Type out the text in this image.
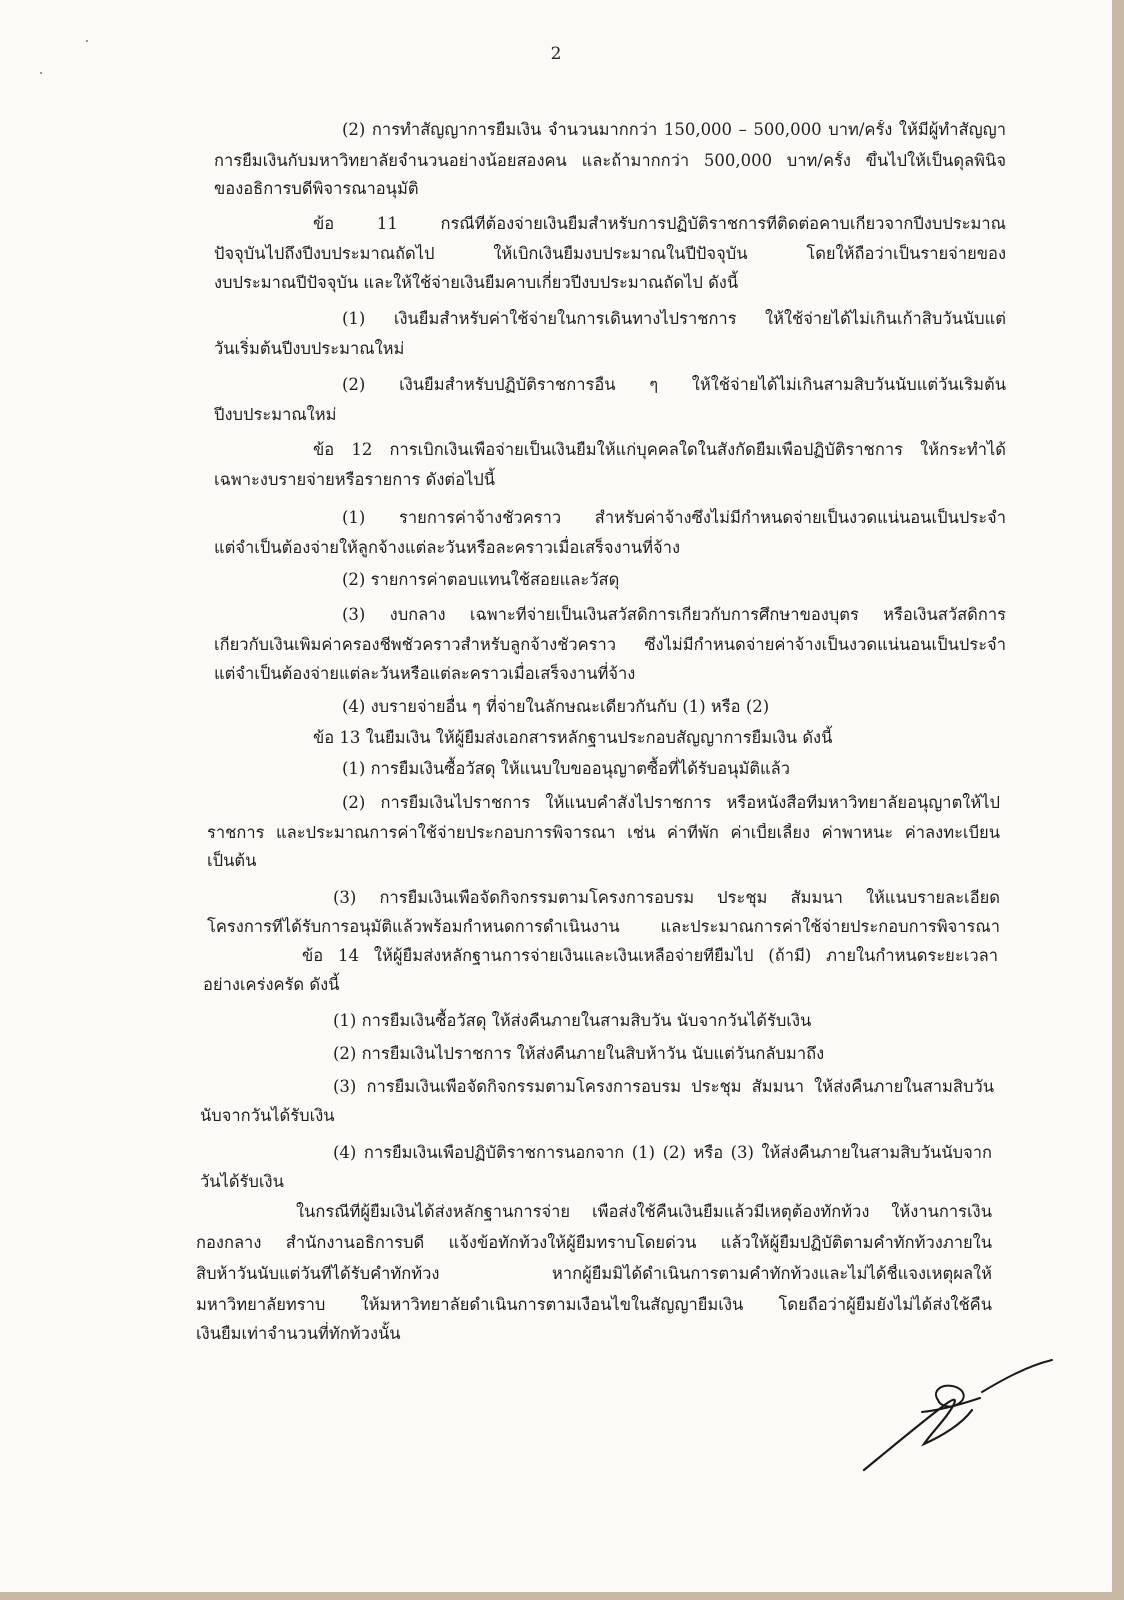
2
(2) การทำสัญญาการยืมเงิน จำนวนมากกว่า 150,000 – 500,000 บาท/ครั้ง ให้มีผู้ทำสัญญา
การยืมเงินกับมหาวิทยาลัยจำนวนอย่างน้อยสองคน และถ้ามากกว่า 500,000 บาท/ครั้ง ขึ้นไปให้เป็นดุลพินิจ
ของอธิการบดีพิจารณาอนุมัติ
ข้อ 11 กรณีที่ต้องจ่ายเงินยืมสำหรับการปฏิบัติราชการที่ติดต่อคาบเกี่ยวจากปีงบประมาณ
ปัจจุบันไปถึงปีงบประมาณถัดไป ให้เบิกเงินยืมงบประมาณในปีปัจจุบัน โดยให้ถือว่าเป็นรายจ่ายของ
งบประมาณปีปัจจุบัน และให้ใช้จ่ายเงินยืมคาบเกี่ยวปีงบประมาณถัดไป ดังนี้
(1) เงินยืมสำหรับค่าใช้จ่ายในการเดินทางไปราชการ ให้ใช้จ่ายได้ไม่เกินเก้าสิบวันนับแต่
วันเริ่มต้นปีงบประมาณใหม่
(2) เงินยืมสำหรับปฏิบัติราชการอื่น ๆ ให้ใช้จ่ายได้ไม่เกินสามสิบวันนับแต่วันเริ่มต้น
ปีงบประมาณใหม่
ข้อ 12 การเบิกเงินเพื่อจ่ายเป็นเงินยืมให้แก่บุคคลใดในสังกัดยืมเพื่อปฏิบัติราชการ ให้กระทำได้
เฉพาะงบรายจ่ายหรือรายการ ดังต่อไปนี้
(1) รายการค่าจ้างชั่วคราว สำหรับค่าจ้างซึ่งไม่มีกำหนดจ่ายเป็นงวดแน่นอนเป็นประจำ
แต่จำเป็นต้องจ่ายให้ลูกจ้างแต่ละวันหรือละคราวเมื่อเสร็จงานที่จ้าง
(2) รายการค่าตอบแทนใช้สอยและวัสดุ
(3) งบกลาง เฉพาะที่จ่ายเป็นเงินสวัสดิการเกี่ยวกับการศึกษาของบุตร หรือเงินสวัสดิการ
เกี่ยวกับเงินเพิ่มค่าครองชีพชั่วคราวสำหรับลูกจ้างชั่วคราว ซึ่งไม่มีกำหนดจ่ายค่าจ้างเป็นงวดแน่นอนเป็นประจำ
แต่จำเป็นต้องจ่ายแต่ละวันหรือแต่ละคราวเมื่อเสร็จงานที่จ้าง
(4) งบรายจ่ายอื่น ๆ ที่จ่ายในลักษณะเดียวกันกับ (1) หรือ (2)
ข้อ 13 ในยืมเงิน ให้ผู้ยืมส่งเอกสารหลักฐานประกอบสัญญาการยืมเงิน ดังนี้
(1) การยืมเงินซื้อวัสดุ ให้แนบใบขออนุญาตซื้อที่ได้รับอนุมัติแล้ว
(2) การยืมเงินไปราชการ ให้แนบคำสั่งไปราชการ หรือหนังสือที่มหาวิทยาลัยอนุญาตให้ไป
ราชการ และประมาณการค่าใช้จ่ายประกอบการพิจารณา เช่น ค่าที่พัก ค่าเบี้ยเลี้ยง ค่าพาหนะ ค่าลงทะเบียน
เป็นต้น
(3) การยืมเงินเพื่อจัดกิจกรรมตามโครงการอบรม ประชุม สัมมนา ให้แนบรายละเอียด
โครงการที่ได้รับการอนุมัติแล้วพร้อมกำหนดการดำเนินงาน และประมาณการค่าใช้จ่ายประกอบการพิจารณา
ข้อ 14 ให้ผู้ยืมส่งหลักฐานการจ่ายเงินและเงินเหลือจ่ายที่ยืมไป (ถ้ามี) ภายในกำหนดระยะเวลา
อย่างเคร่งครัด ดังนี้
(1) การยืมเงินซื้อวัสดุ ให้ส่งคืนภายในสามสิบวัน นับจากวันได้รับเงิน
(2) การยืมเงินไปราชการ ให้ส่งคืนภายในสิบห้าวัน นับแต่วันกลับมาถึง
(3) การยืมเงินเพื่อจัดกิจกรรมตามโครงการอบรม ประชุม สัมมนา ให้ส่งคืนภายในสามสิบวัน
นับจากวันได้รับเงิน
(4) การยืมเงินเพื่อปฏิบัติราชการนอกจาก (1) (2) หรือ (3) ให้ส่งคืนภายในสามสิบวันนับจาก
วันได้รับเงิน
ในกรณีที่ผู้ยืมเงินได้ส่งหลักฐานการจ่าย เพื่อส่งใช้คืนเงินยืมแล้วมีเหตุต้องทักท้วง ให้งานการเงิน
กองกลาง สำนักงานอธิการบดี แจ้งข้อทักท้วงให้ผู้ยืมทราบโดยด่วน แล้วให้ผู้ยืมปฏิบัติตามคำทักท้วงภายใน
สิบห้าวันนับแต่วันที่ได้รับคำทักท้วง หากผู้ยืมมิได้ดำเนินการตามคำทักท้วงและไม่ได้ชี้แจงเหตุผลให้
มหาวิทยาลัยทราบ ให้มหาวิทยาลัยดำเนินการตามเงื่อนไขในสัญญายืมเงิน โดยถือว่าผู้ยืมยังไม่ได้ส่งใช้คืน
เงินยืมเท่าจำนวนที่ทักท้วงนั้น
